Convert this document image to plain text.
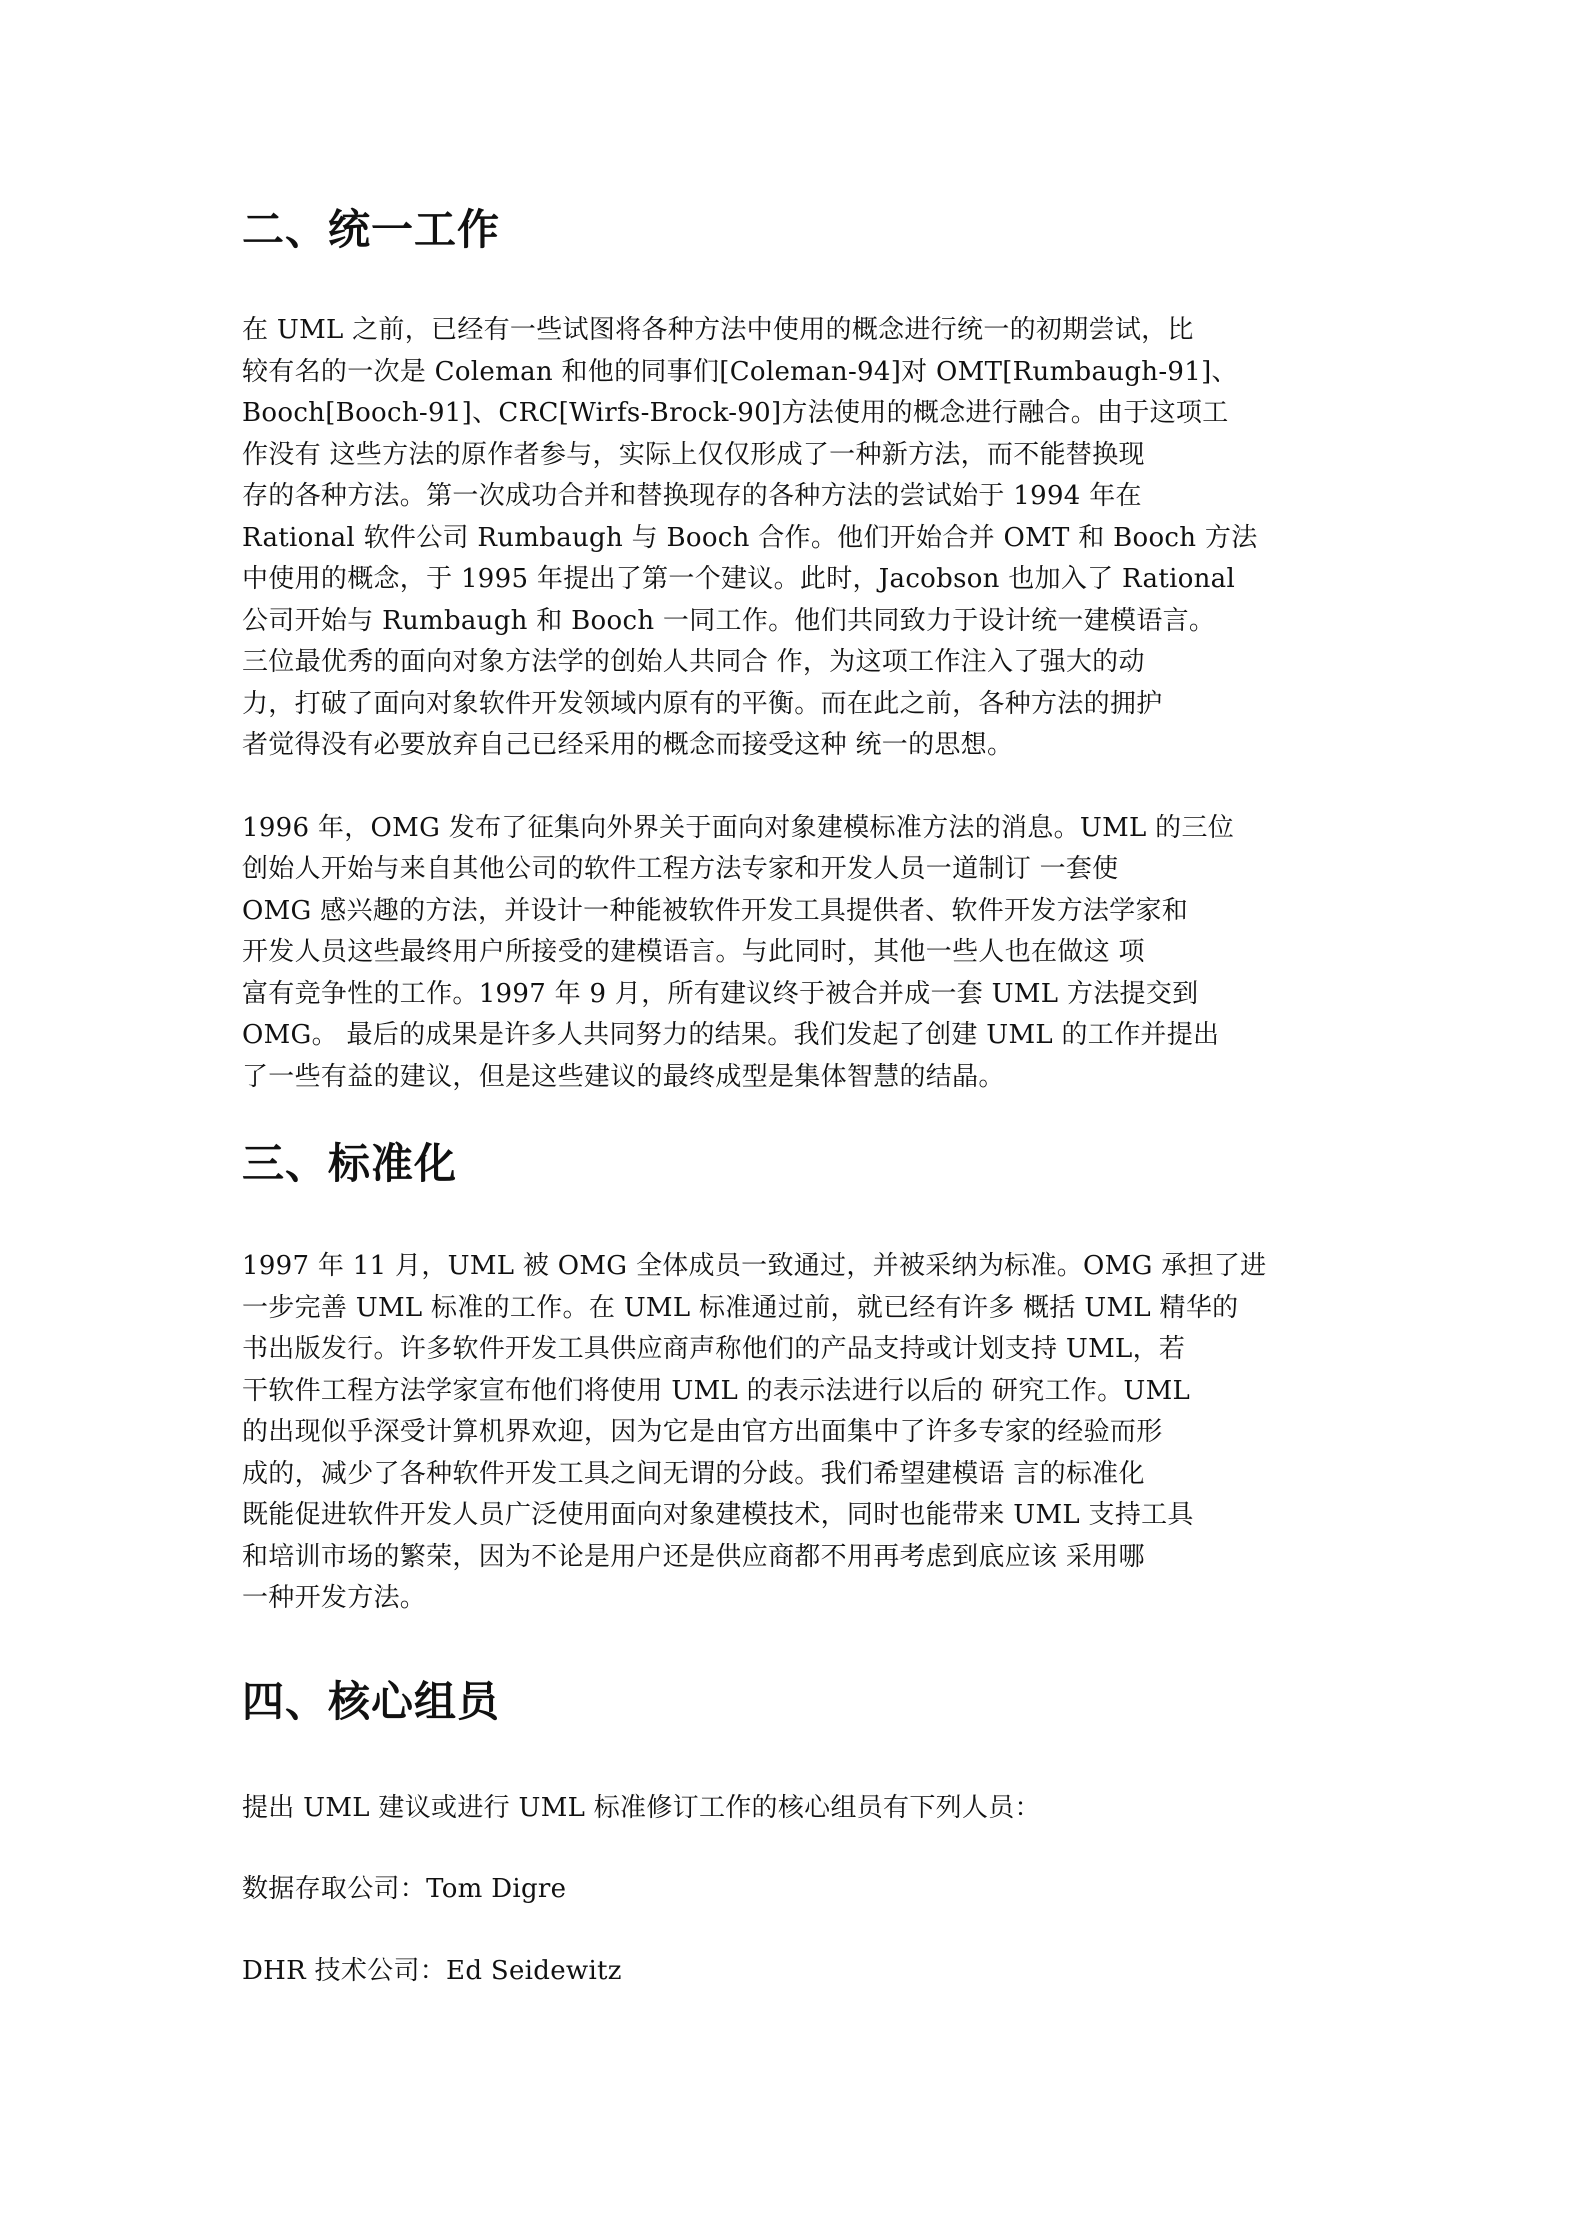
二、统一工作

在 UML 之前，已经有一些试图将各种方法中使用的概念进行统一的初期尝试，比
较有名的一次是 Coleman 和他的同事们[Coleman-94]对 OMT[Rumbaugh-91]、
Booch[Booch-91]、CRC[Wirfs-Brock-90]方法使用的概念进行融合。由于这项工
作没有 这些方法的原作者参与，实际上仅仅形成了一种新方法，而不能替换现
存的各种方法。第一次成功合并和替换现存的各种方法的尝试始于 1994 年在
Rational 软件公司 Rumbaugh 与 Booch 合作。他们开始合并 OMT 和 Booch 方法
中使用的概念，于 1995 年提出了第一个建议。此时，Jacobson 也加入了 Rational
公司开始与 Rumbaugh 和 Booch 一同工作。他们共同致力于设计统一建模语言。
三位最优秀的面向对象方法学的创始人共同合 作，为这项工作注入了强大的动
力，打破了面向对象软件开发领域内原有的平衡。而在此之前，各种方法的拥护
者觉得没有必要放弃自己已经采用的概念而接受这种 统一的思想。

1996 年，OMG 发布了征集向外界关于面向对象建模标准方法的消息。UML 的三位
创始人开始与来自其他公司的软件工程方法专家和开发人员一道制订 一套使
OMG 感兴趣的方法，并设计一种能被软件开发工具提供者、软件开发方法学家和
开发人员这些最终用户所接受的建模语言。与此同时，其他一些人也在做这 项
富有竞争性的工作。1997 年 9 月，所有建议终于被合并成一套 UML 方法提交到
OMG。 最后的成果是许多人共同努力的结果。我们发起了创建 UML 的工作并提出
了一些有益的建议，但是这些建议的最终成型是集体智慧的结晶。

三、标准化

1997 年 11 月，UML 被 OMG 全体成员一致通过，并被采纳为标准。OMG 承担了进
一步完善 UML 标准的工作。在 UML 标准通过前，就已经有许多 概括 UML 精华的
书出版发行。许多软件开发工具供应商声称他们的产品支持或计划支持 UML，若
干软件工程方法学家宣布他们将使用 UML 的表示法进行以后的 研究工作。UML
的出现似乎深受计算机界欢迎，因为它是由官方出面集中了许多专家的经验而形
成的，减少了各种软件开发工具之间无谓的分歧。我们希望建模语 言的标准化
既能促进软件开发人员广泛使用面向对象建模技术，同时也能带来 UML 支持工具
和培训市场的繁荣，因为不论是用户还是供应商都不用再考虑到底应该 采用哪
一种开发方法。

四、核心组员

提出 UML 建议或进行 UML 标准修订工作的核心组员有下列人员：

数据存取公司：Tom Digre

DHR 技术公司：Ed Seidewitz
